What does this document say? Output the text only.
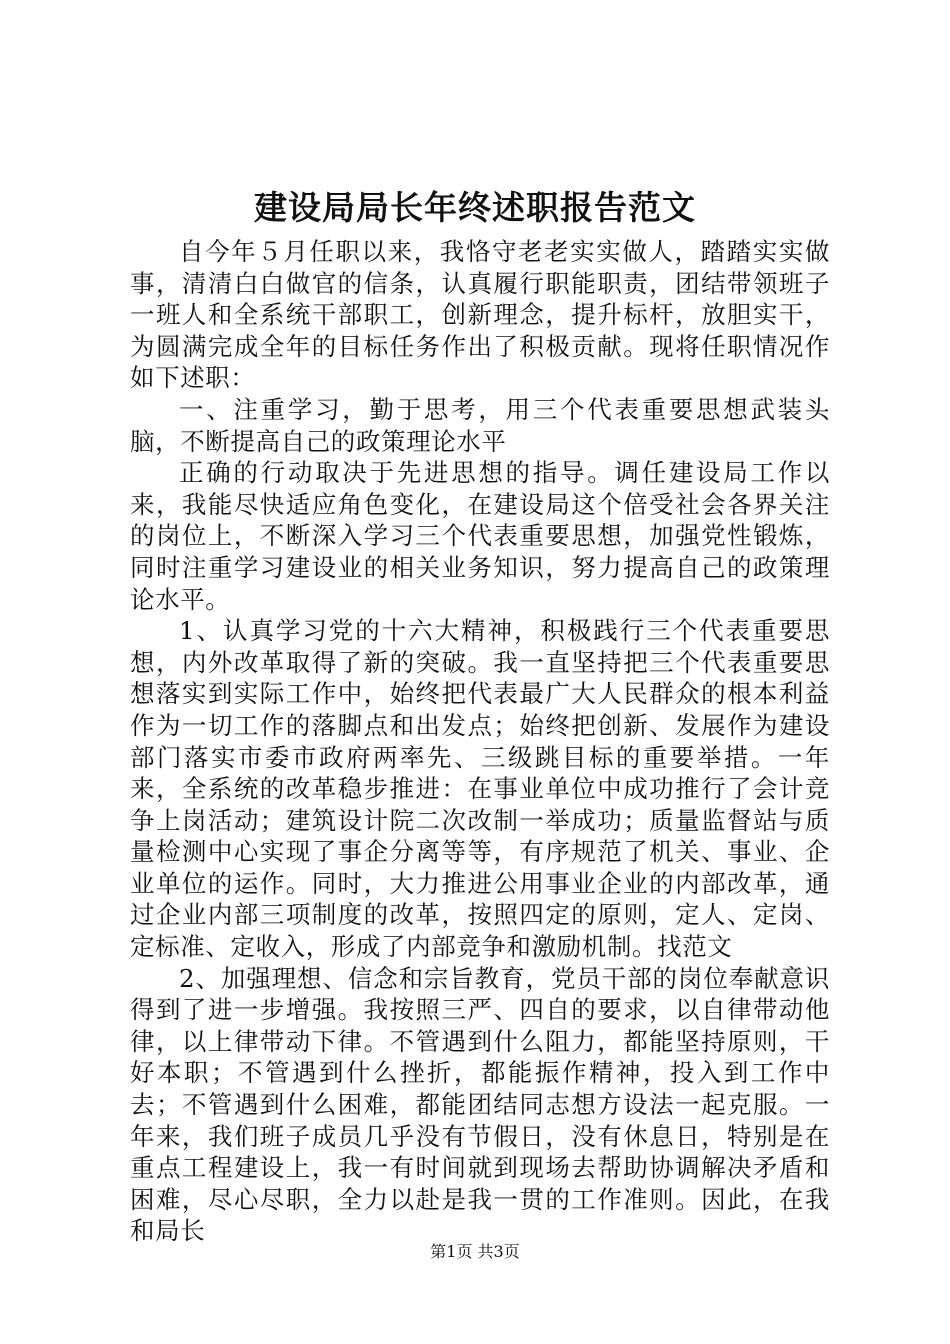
建设局局长年终述职报告范文

自今年５月任职以来，我恪守老老实实做人，踏踏实实做事，清清白白做官的信条，认真履行职能职责，团结带领班子一班人和全系统干部职工，创新理念，提升标杆，放胆实干，为圆满完成全年的目标任务作出了积极贡献。现将任职情况作如下述职：

一、注重学习，勤于思考，用三个代表重要思想武装头脑，不断提高自己的政策理论水平

正确的行动取决于先进思想的指导。调任建设局工作以来，我能尽快适应角色变化，在建设局这个倍受社会各界关注的岗位上，不断深入学习三个代表重要思想，加强党性锻炼，同时注重学习建设业的相关业务知识，努力提高自己的政策理论水平。

1、认真学习党的十六大精神，积极践行三个代表重要思想，内外改革取得了新的突破。我一直坚持把三个代表重要思想落实到实际工作中，始终把代表最广大人民群众的根本利益作为一切工作的落脚点和出发点；始终把创新、发展作为建设部门落实市委市政府两率先、三级跳目标的重要举措。一年来，全系统的改革稳步推进：在事业单位中成功推行了会计竞争上岗活动；建筑设计院二次改制一举成功；质量监督站与质量检测中心实现了事企分离等等，有序规范了机关、事业、企业单位的运作。同时，大力推进公用事业企业的内部改革，通过企业内部三项制度的改革，按照四定的原则，定人、定岗、定标准、定收入，形成了内部竞争和激励机制。找范文

2、加强理想、信念和宗旨教育，党员干部的岗位奉献意识得到了进一步增强。我按照三严、四自的要求，以自律带动他律，以上律带动下律。不管遇到什么阻力，都能坚持原则，干好本职；不管遇到什么挫折，都能振作精神，投入到工作中去；不管遇到什么困难，都能团结同志想方设法一起克服。一年来，我们班子成员几乎没有节假日，没有休息日，特别是在重点工程建设上，我一有时间就到现场去帮助协调解决矛盾和困难，尽心尽职，全力以赴是我一贯的工作准则。因此，在我和局长

第1页 共3页
